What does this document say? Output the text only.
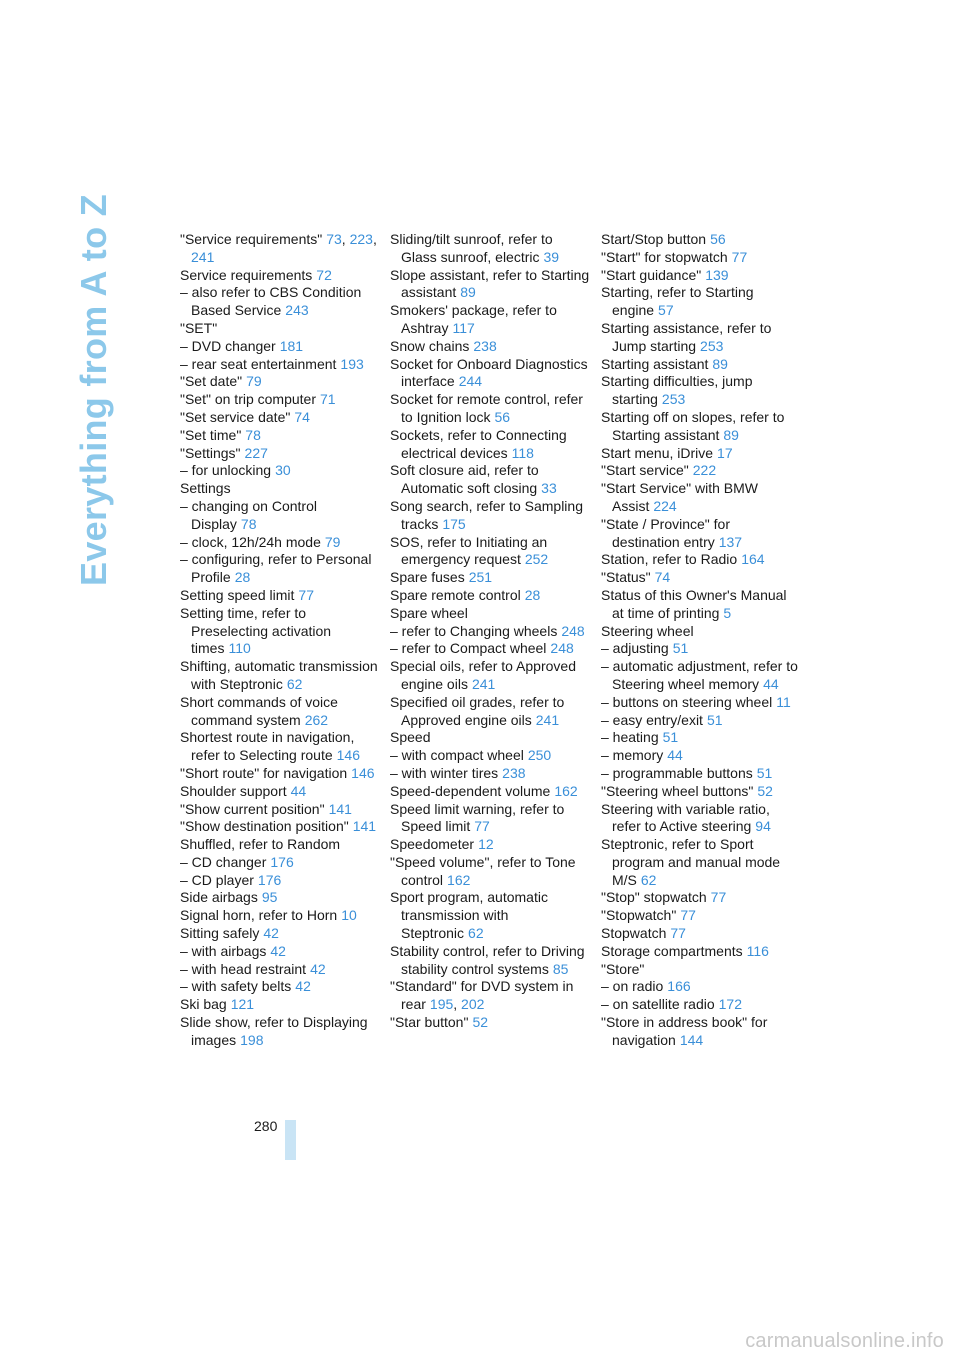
Everything from A to Z	"Service requirements" 73, 223, 241
Service requirements 72
– also refer to CBS Condition Based Service 243
"SET"
– DVD changer 181
– rear seat entertainment 193
"Set date" 79
"Set" on trip computer 71
"Set service date" 74
"Set time" 78
"Settings" 227
– for unlocking 30
Settings
– changing on Control Display 78
– clock, 12h/24h mode 79
– configuring, refer to Personal Profile 28
Setting speed limit 77
Setting time, refer to Preselecting activation times 110
Shifting, automatic transmission with Steptronic 62
Short commands of voice command system 262
Shortest route in navigation, refer to Selecting route 146
"Short route" for navigation 146
Shoulder support 44
"Show current position" 141
"Show destination position" 141
Shuffled, refer to Random
– CD changer 176
– CD player 176
Side airbags 95
Signal horn, refer to Horn 10
Sitting safely 42
– with airbags 42
– with head restraint 42
– with safety belts 42
Ski bag 121
Slide show, refer to Displaying images 198
Sliding/tilt sunroof, refer to Glass sunroof, electric 39
Slope assistant, refer to Starting assistant 89
Smokers' package, refer to Ashtray 117
Snow chains 238
Socket for Onboard Diagnostics interface 244
Socket for remote control, refer to Ignition lock 56
Sockets, refer to Connecting electrical devices 118
Soft closure aid, refer to Automatic soft closing 33
Song search, refer to Sampling tracks 175
SOS, refer to Initiating an emergency request 252
Spare fuses 251
Spare remote control 28
Spare wheel
– refer to Changing wheels 248
– refer to Compact wheel 248
Special oils, refer to Approved engine oils 241
Specified oil grades, refer to Approved engine oils 241
Speed
– with compact wheel 250
– with winter tires 238
Speed-dependent volume 162
Speed limit warning, refer to Speed limit 77
Speedometer 12
"Speed volume", refer to Tone control 162
Sport program, automatic transmission with Steptronic 62
Stability control, refer to Driving stability control systems 85
"Standard" for DVD system in rear 195, 202
"Star button" 52
Start/Stop button 56
"Start" for stopwatch 77
"Start guidance" 139
Starting, refer to Starting engine 57
Starting assistance, refer to Jump starting 253
Starting assistant 89
Starting difficulties, jump starting 253
Starting off on slopes, refer to Starting assistant 89
Start menu, iDrive 17
"Start service" 222
"Start Service" with BMW Assist 224
"State / Province" for destination entry 137
Station, refer to Radio 164
"Status" 74
Status of this Owner's Manual at time of printing 5
Steering wheel
– adjusting 51
– automatic adjustment, refer to Steering wheel memory 44
– buttons on steering wheel 11
– easy entry/exit 51
– heating 51
– memory 44
– programmable buttons 51
"Steering wheel buttons" 52
Steering with variable ratio, refer to Active steering 94
Steptronic, refer to Sport program and manual mode M/S 62
"Stop" stopwatch 77
"Stopwatch" 77
Stopwatch 77
Storage compartments 116
"Store"
– on radio 166
– on satellite radio 172
"Store in address book" for navigation 144
280
carmanualsonline.info
